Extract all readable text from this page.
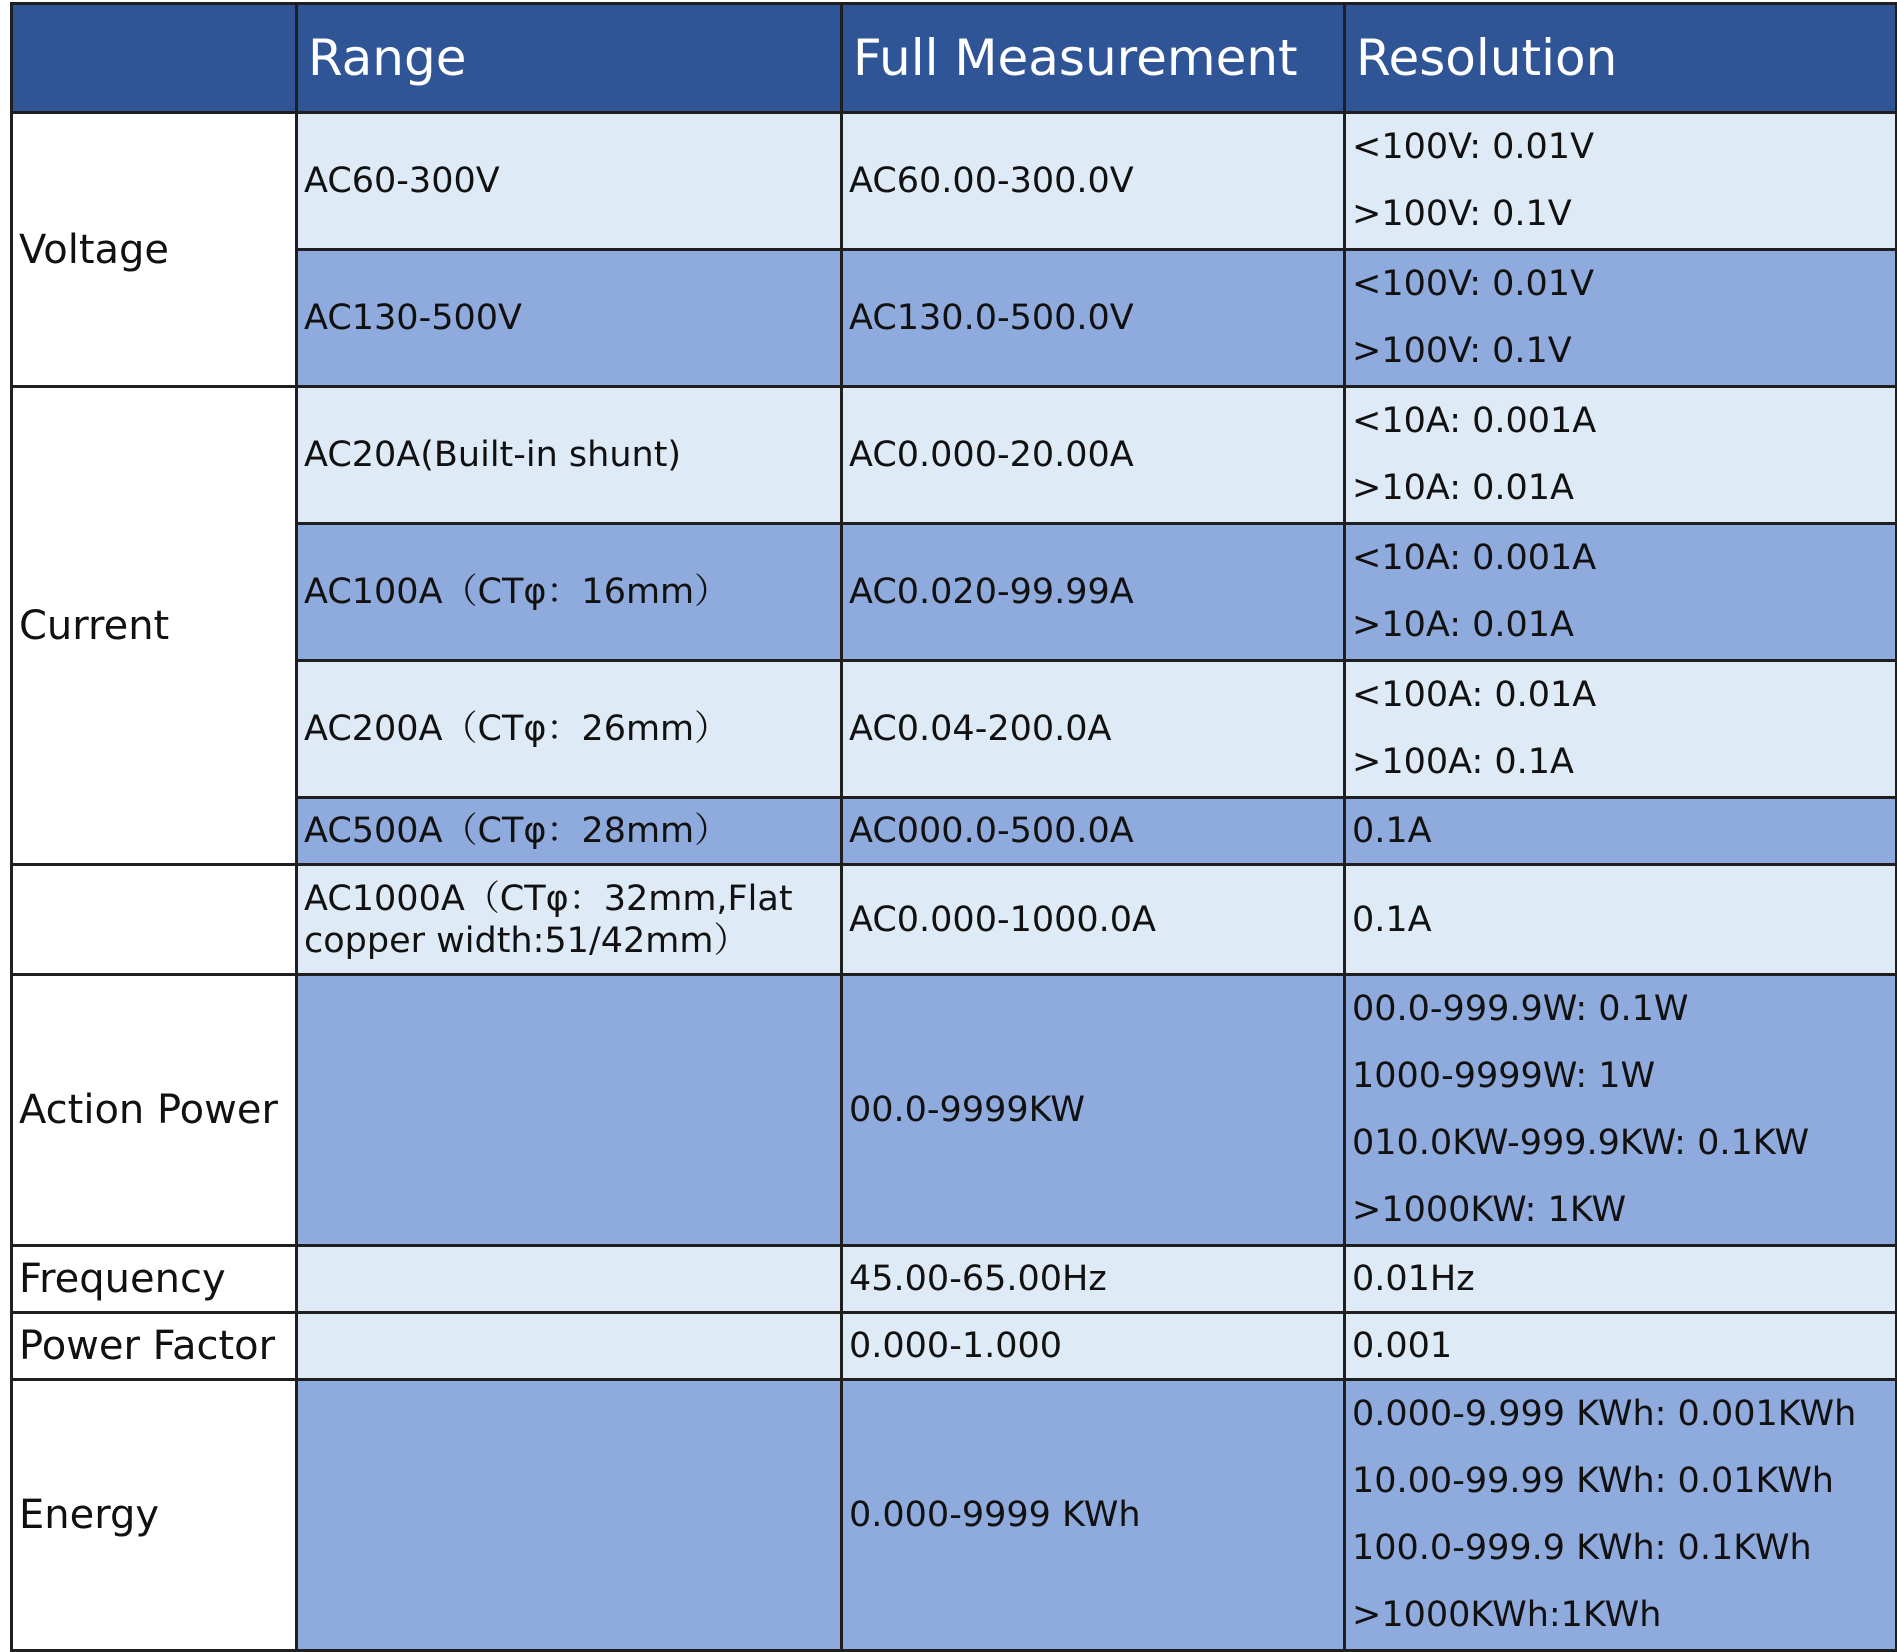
	Range	Full Measurement	Resolution
Voltage	AC60-300V	AC60.00-300.0V	<100V: 0.01V
>100V: 0.1V

	AC130-500V	AC130.0-500.0V	<100V: 0.01V
>100V: 0.1V

Current	AC20A(Built-in shunt)	AC0.000-20.00A	<10A: 0.001A
>10A: 0.01A

	AC100A（CTφ：16mm）	AC0.020-99.99A	<10A: 0.001A
>10A: 0.01A

	AC200A（CTφ：26mm）	AC0.04-200.0A	<100A: 0.01A
>100A: 0.1A

	AC500A（CTφ：28mm）	AC000.0-500.0A	0.1A
	AC1000A（CTφ：32mm,Flat copper width:51/42mm）	AC0.000-1000.0A	0.1A
Action Power		00.0-9999KW	00.0-999.9W: 0.1W
1000-9999W: 1W
010.0KW-999.9KW: 0.1KW
>1000KW: 1KW

Frequency		45.00-65.00Hz	0.01Hz
Power Factor		0.000-1.000	0.001
Energy		0.000-9999 KWh	0.000-9.999 KWh: 0.001KWh
10.00-99.99 KWh: 0.01KWh
100.0-999.9 KWh: 0.1KWh
>1000KWh:1KWh
